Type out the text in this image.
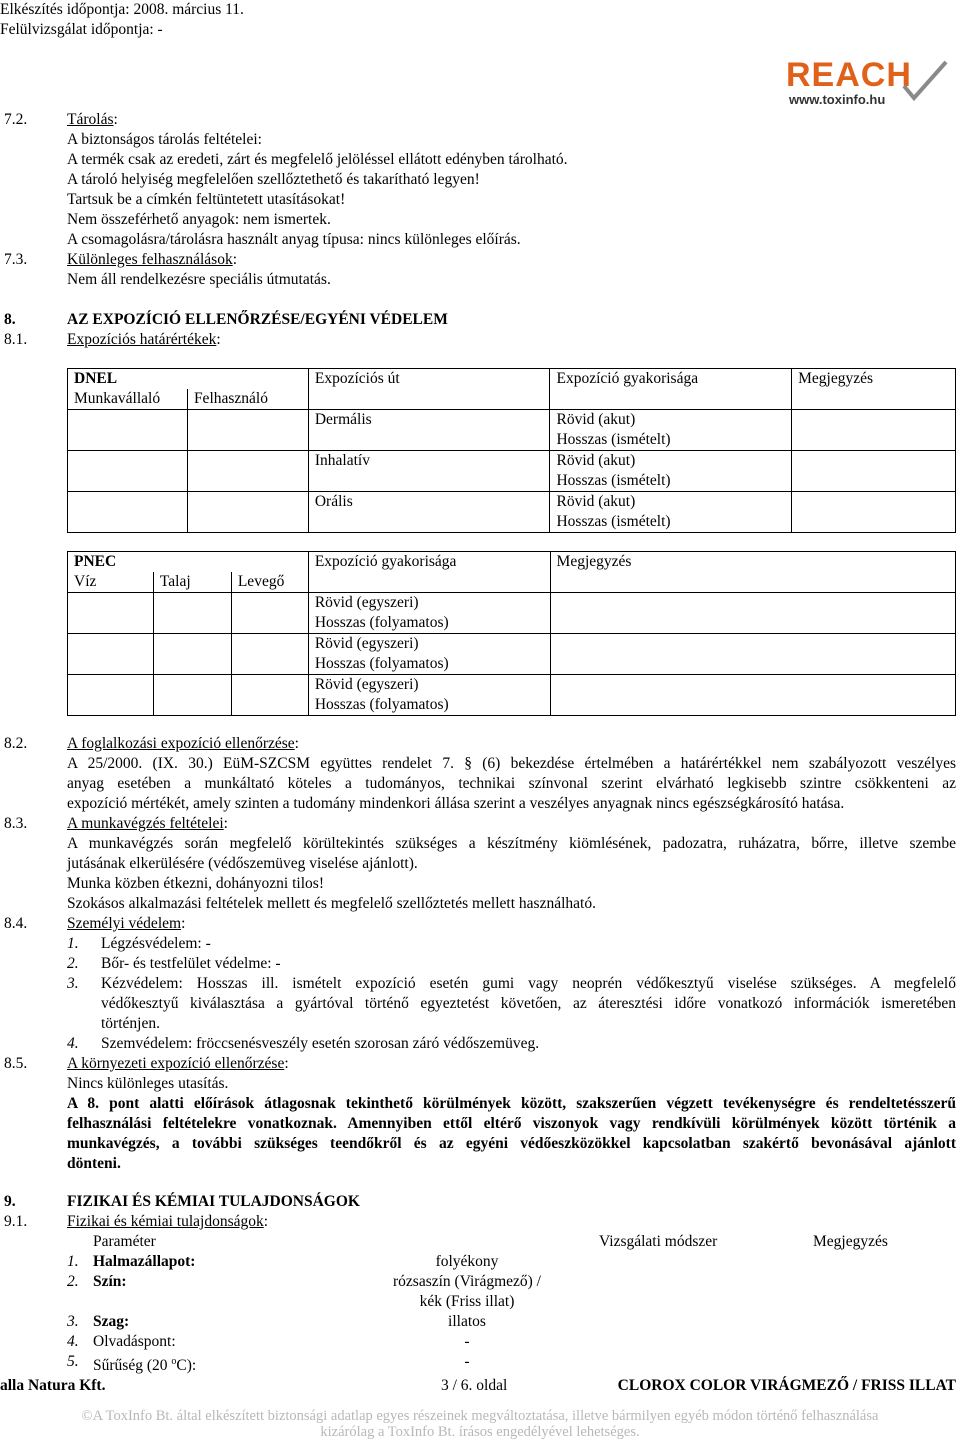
Elkészítés időpontja: 2008. március 11.
Felülvizsgálat időpontja: -
REACH
www.toxinfo.hu
7.2.	Tárolás:
A biztonságos tárolás feltételei:
A termék csak az eredeti, zárt és megfelelő jelöléssel ellátott edényben tárolható.
A tároló helyiség megfelelően szellőztethető és takarítható legyen!
Tartsuk be a címkén feltüntetett utasításokat!
Nem összeférhető anyagok: nem ismertek.
A csomagolásra/tárolásra használt anyag típusa: nincs különleges előírás.
7.3.	Különleges felhasználások:
Nem áll rendelkezésre speciális útmutatás.
8.	AZ EXPOZÍCIÓ ELLENŐRZÉSE/EGYÉNI VÉDELEM
8.1.	Expozíciós határértékek:
DNEL		Expozíciós út	Expozíció gyakorisága	Megjegyzés
Munkavállaló	Felhasználó			
		Dermális	Rövid (akut)
Hosszas (ismételt)	

		Inhalatív	Rövid (akut)
Hosszas (ismételt)	

		Orális	Rövid (akut)
Hosszas (ismételt)	

PNEC			Expozíció gyakorisága	Megjegyzés
Víz	Talaj	Levegő		

			Rövid (egyszeri)
Hosszas (folyamatos)	

			Rövid (egyszeri)
Hosszas (folyamatos)	

			Rövid (egyszeri)
Hosszas (folyamatos)	

8.2.	A foglalkozási expozíció ellenőrzése:
A 25/2000. (IX. 30.) EüM-SZCSM együttes rendelet 7. § (6) bekezdése értelmében a határértékkel nem szabályozott veszélyes
anyag esetében a munkáltató köteles a tudományos, technikai színvonal szerint elvárható legkisebb szintre csökkenteni az
expozíció mértékét, amely szinten a tudomány mindenkori állása szerint a veszélyes anyagnak nincs egészségkárosító hatása.
8.3.	A munkavégzés feltételei:
A munkavégzés során megfelelő körültekintés szükséges a készítmény kiömlésének, padozatra, ruházatra, bőrre, illetve szembe
jutásának elkerülésére (védőszemüveg viselése ajánlott).
Munka közben étkezni, dohányozni tilos!
Szokásos alkalmazási feltételek mellett és megfelelő szellőztetés mellett használható.
8.4.	Személyi védelem:
1. Légzésvédelem: -
2. Bőr- és testfelület védelme: -
3. Kézvédelem: Hosszas ill. ismételt expozíció esetén gumi vagy neoprén védőkesztyű viselése szükséges. A megfelelő
védőkesztyű kiválasztása a gyártóval történő egyeztetést követően, az áteresztési időre vonatkozó információk ismeretében
történjen.
4. Szemvédelem: fröccsenésveszély esetén szorosan záró védőszemüveg.
8.5.	A környezeti expozíció ellenőrzése:
Nincs különleges utasítás.
A 8. pont alatti előírások átlagosnak tekinthető körülmények között, szakszerűen végzett tevékenységre és rendeltetésszerű
felhasználási feltételekre vonatkoznak. Amennyiben ettől eltérő viszonyok vagy rendkívüli körülmények között történik a
munkavégzés, a további szükséges teendőkről és az egyéni védőeszközökkel kapcsolatban szakértő bevonásával ajánlott
dönteni.
9.	FIZIKAI ÉS KÉMIAI TULAJDONSÁGOK
9.1.	Fizikai és kémiai tulajdonságok:
Paraméter	Vizsgálati módszer	Megjegyzés
1. Halmazállapot:	folyékony
2. Szín:	rózsaszín (Virágmező) /
kék (Friss illat)
3. Szag:	illatos
4. Olvadáspont:	-
5. Sűrűség (20 $^o$C):	-
alla Natura Kft.	3 / 6. oldal	CLOROX COLOR VIRÁGMEZŐ / FRISS ILLAT
©A ToxInfo Bt. által elkészített biztonsági adatlap egyes részeinek megváltoztatása, illetve bármilyen egyéb módon történő felhasználása
kizárólag a ToxInfo Bt. írásos engedélyével lehetséges.
